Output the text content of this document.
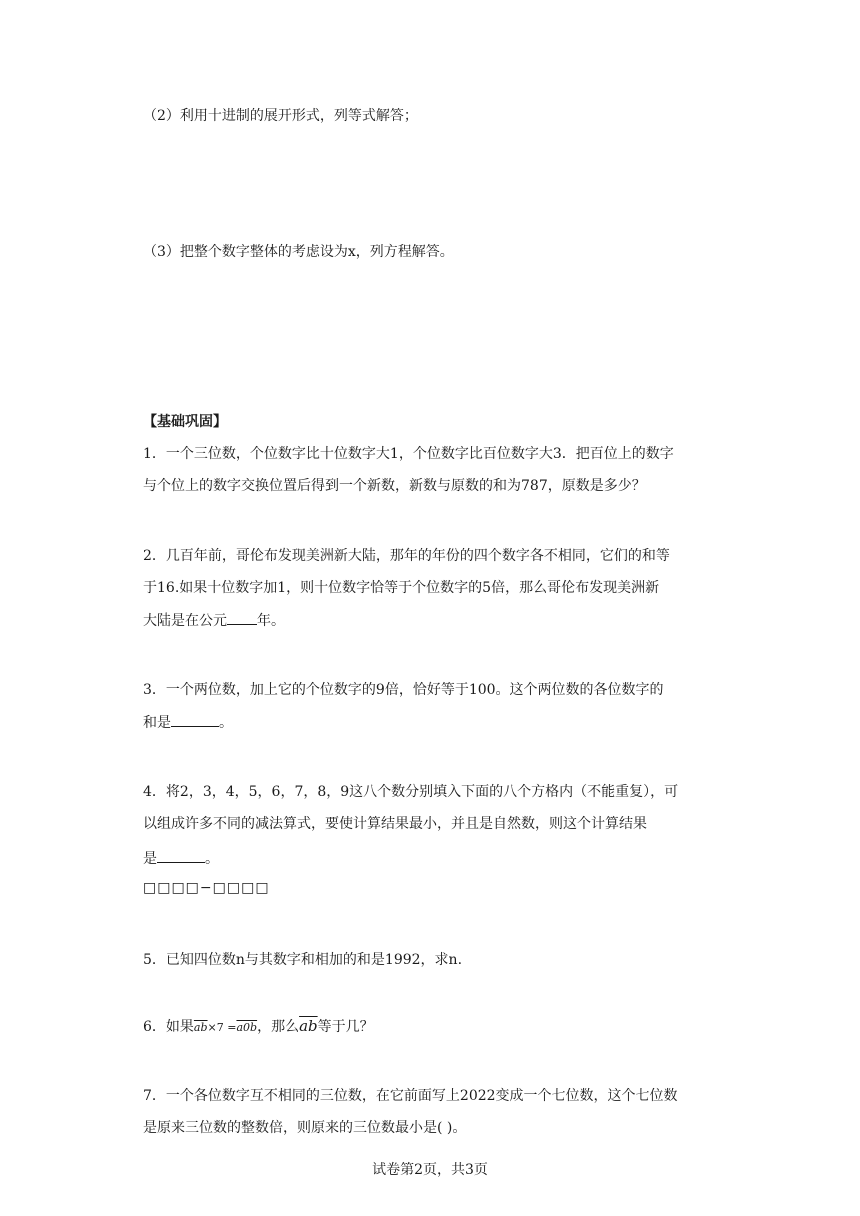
（2）利用十进制的展开形式，列等式解答；
（3）把整个数字整体的考虑设为x，列方程解答。
【基础巩固】
1．一个三位数，个位数字比十位数字大1，个位数字比百位数字大3．把百位上的数字
与个位上的数字交换位置后得到一个新数，新数与原数的和为787，原数是多少？
2．几百年前，哥伦布发现美洲新大陆，那年的年份的四个数字各不相同，它们的和等
于16.如果十位数字加1，则十位数字恰等于个位数字的5倍，那么哥伦布发现美洲新
大陆是在公元 年。
3．一个两位数，加上它的个位数字的9倍，恰好等于100。这个两位数的各位数字的
和是	。
4．将2，3，4，5，6，7，8，9这八个数分别填入下面的八个方格内（不能重复），可
以组成许多不同的减法算式，要使计算结果最小，并且是自然数，则这个计算结果
是	。
□□□□−□□□□
5．已知四位数n与其数字和相加的和是1992，求n.
6．如果$\overline{ab}\times 7 =a0b$，那么$\overline{ab}$等于几？
7．一个各位数字互不相同的三位数，在它前面写上2022变成一个七位数，这个七位数
是原来三位数的整数倍，则原来的三位数最小是( )。
试卷第2页，共3页
